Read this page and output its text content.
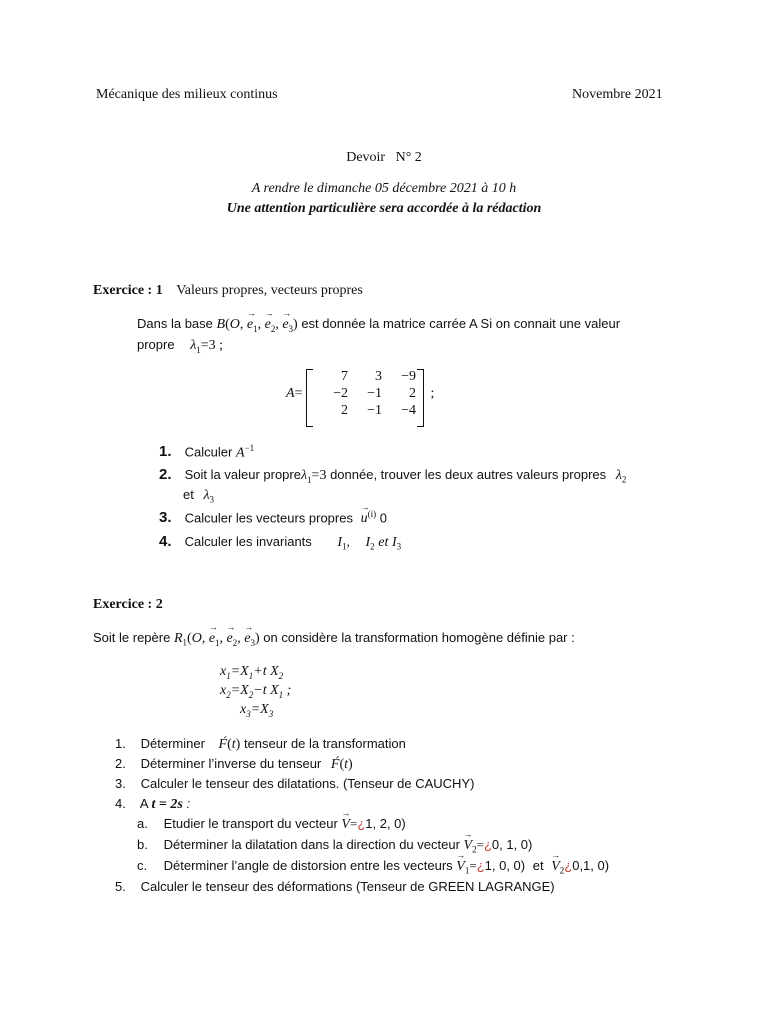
Mécanique des milieux continus	Novembre 2021
Devoir   N° 2
A rendre le dimanche 05 décembre 2021 à 10 h
Une attention particulière sera accordée à la rédaction
Exercice : 1 Valeurs propres, vecteurs propres
Dans la base B(O, → $e_1$, → $e_2$, → $e_3$) est donnée la matrice carrée A Si on connait une valeur
propre $\lambda_1=3$ ;
A=
7	3	−9
−2	−1	2
2	−1	−4
;
1. Calculer $A^{-1}$
2. Soit la valeur propreλ$_1$=3 donnée, trouver les deux autres valeurs propres $\lambda_2$
et $\lambda_3$
3. Calculer les vecteurs propres → $u^{(i)}$ 0
4. Calculer les invariants $I_1$, $I_2$ et $I_3$
Exercice : 2
Soit le repère $R_1(O$, → $e_1$, → $e_2$, → $e_3$) on considère la transformation homogène définie par :
$x_1=X_1+t$ $X_2$
$x_2=X_2-t$ $X_1$ ;
$x_3=X_3$
1. Déterminer F́(t) tenseur de la transformation
2. Déterminer l’inverse du tenseur F́(t)
3. Calculer le tenseur des dilatations. (Tenseur de CAUCHY)
4. A t = 2s :
a. Etudier le transport du vecteur → V=¿1, 2, 0)
b. Déterminer la dilatation dans la direction du vecteur → $V_2=¿0$, 1, 0)
c. Déterminer l’angle de distorsion entre les vecteurs → $V_1=¿1$, 0, 0) et → $V_2¿0,1$, 0)
5. Calculer le tenseur des déformations (Tenseur de GREEN LAGRANGE)
